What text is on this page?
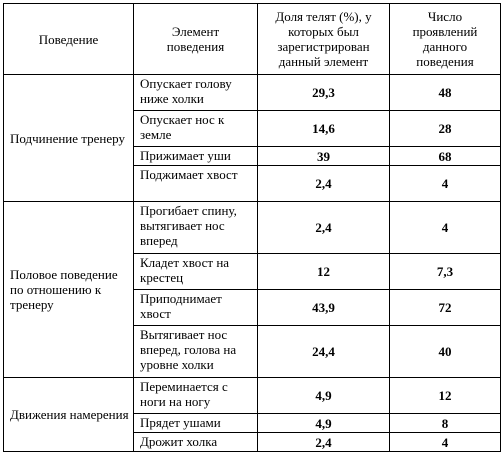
Поведение	Элемент поведения	Доля телят (%), у которых был зарегистрирован данный элемент	Число проявлений данного поведения
Подчинение тренеру	Опускает голову ниже холки	29,3	48
	Опускает нос к земле	14,6	28
	Прижимает уши	39	68
	Поджимает хвост	2,4	4
Половое поведение по отношению к тренеру	Прогибает спину, вытягивает нос вперед	2,4	4
	Кладет хвост на крестец	12	7,3
	Приподнимает хвост	43,9	72
	Вытягивает нос вперед, голова на уровне холки	24,4	40
Движения намерения	Переминается с ноги на ногу	4,9	12
	Прядет ушами	4,9	8
	Дрожит холка	2,4	4
